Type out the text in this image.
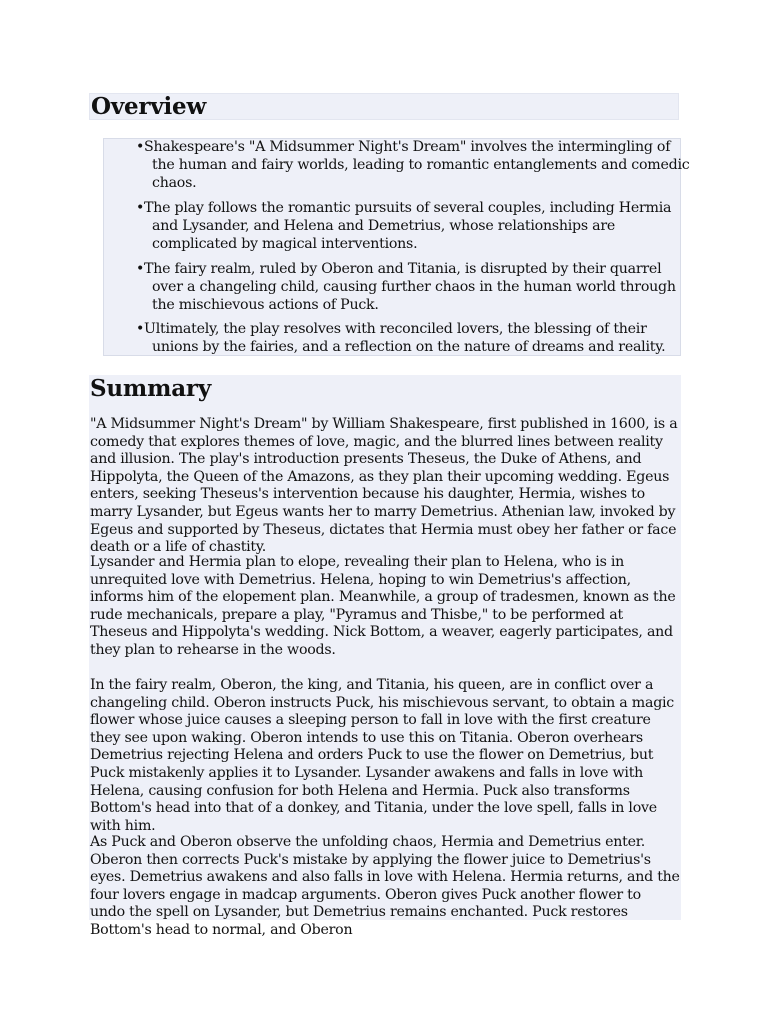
Overview
•Shakespeare's "A Midsummer Night's Dream" involves the intermingling of the human and fairy worlds, leading to romantic entanglements and comedic chaos.
•The play follows the romantic pursuits of several couples, including Hermia and Lysander, and Helena and Demetrius, whose relationships are complicated by magical interventions.
•The fairy realm, ruled by Oberon and Titania, is disrupted by their quarrel over a changeling child, causing further chaos in the human world through the mischievous actions of Puck.
•Ultimately, the play resolves with reconciled lovers, the blessing of their unions by the fairies, and a reflection on the nature of dreams and reality.
Summary

"A Midsummer Night's Dream" by William Shakespeare, first published in 1600, is a comedy that explores themes of love, magic, and the blurred lines between reality and illusion. The play's introduction presents Theseus, the Duke of Athens, and Hippolyta, the Queen of the Amazons, as they plan their upcoming wedding. Egeus enters, seeking Theseus's intervention because his daughter, Hermia, wishes to marry Lysander, but Egeus wants her to marry Demetrius. Athenian law, invoked by Egeus and supported by Theseus, dictates that Hermia must obey her father or face death or a life of chastity.

Lysander and Hermia plan to elope, revealing their plan to Helena, who is in unrequited love with Demetrius. Helena, hoping to win Demetrius's affection, informs him of the elopement plan. Meanwhile, a group of tradesmen, known as the rude mechanicals, prepare a play, "Pyramus and Thisbe," to be performed at Theseus and Hippolyta's wedding. Nick Bottom, a weaver, eagerly participates, and they plan to rehearse in the woods.

In the fairy realm, Oberon, the king, and Titania, his queen, are in conflict over a changeling child. Oberon instructs Puck, his mischievous servant, to obtain a magic flower whose juice causes a sleeping person to fall in love with the first creature they see upon waking. Oberon intends to use this on Titania. Oberon overhears Demetrius rejecting Helena and orders Puck to use the flower on Demetrius, but Puck mistakenly applies it to Lysander. Lysander awakens and falls in love with Helena, causing confusion for both Helena and Hermia. Puck also transforms Bottom's head into that of a donkey, and Titania, under the love spell, falls in love with him.

As Puck and Oberon observe the unfolding chaos, Hermia and Demetrius enter. Oberon then corrects Puck's mistake by applying the flower juice to Demetrius's eyes. Demetrius awakens and also falls in love with Helena. Hermia returns, and the four lovers engage in madcap arguments. Oberon gives Puck another flower to undo the spell on Lysander, but Demetrius remains enchanted. Puck restores Bottom's head to normal, and Oberon
